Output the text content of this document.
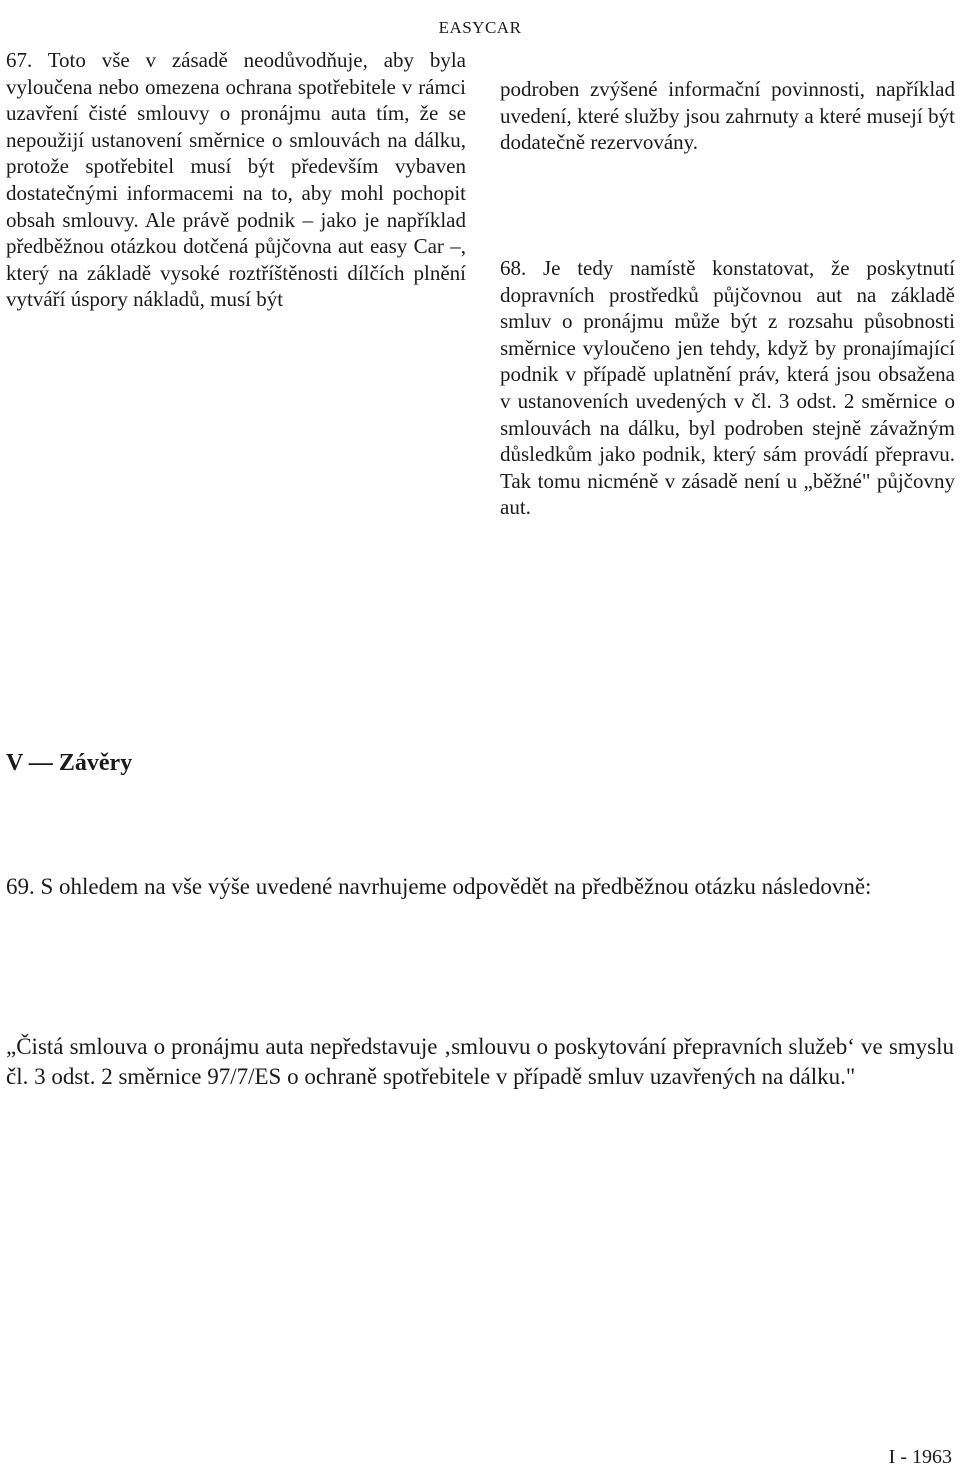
EASYCAR

67. Toto vše v zásadě neodůvodňuje, aby byla vyloučena nebo omezena ochrana spotřebitele v rámci uzavření čisté smlouvy o pronájmu auta tím, že se nepoužijí ustanovení směrnice o smlouvách na dálku, protože spotřebitel musí být především vybaven dostatečnými informacemi na to, aby mohl pochopit obsah smlouvy. Ale právě podnik – jako je například předběžnou otázkou dotčená půjčovna aut easy Car –, který na základě vysoké roztříštěnosti dílčích plnění vytváří úspory nákladů, musí být

podroben zvýšené informační povinnosti, například uvedení, které služby jsou zahrnuty a které musejí být dodatečně rezervovány.

68. Je tedy namístě konstatovat, že poskytnutí dopravních prostředků půjčovnou aut na základě smluv o pronájmu může být z rozsahu působnosti směrnice vyloučeno jen tehdy, když by pronajímající podnik v případě uplatnění práv, která jsou obsažena v ustanoveních uvedených v čl. 3 odst. 2 směrnice o smlouvách na dálku, byl podroben stejně závažným důsledkům jako podnik, který sám provádí přepravu. Tak tomu nicméně v zásadě není u „běžné" půjčovny aut.

V — Závěry

69. S ohledem na vše výše uvedené navrhujeme odpovědět na předběžnou otázku následovně:

„Čistá smlouva o pronájmu auta nepředstavuje ‚smlouvu o poskytování přepravních služeb‘ ve smyslu čl. 3 odst. 2 směrnice 97/7/ES o ochraně spotřebitele v případě smluv uzavřených na dálku."

I - 1963
